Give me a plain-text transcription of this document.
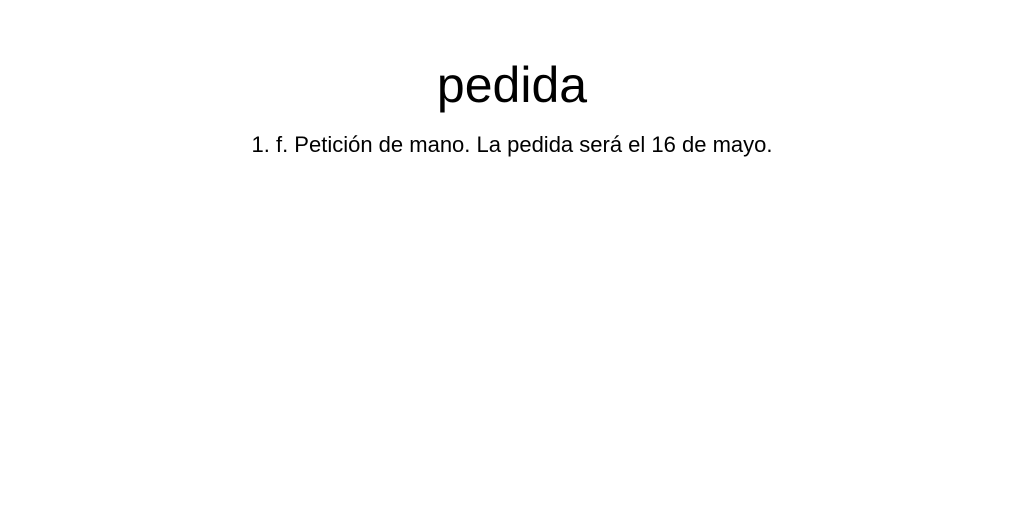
pedida

1. f. Petición de mano. La pedida será el 16 de mayo.
